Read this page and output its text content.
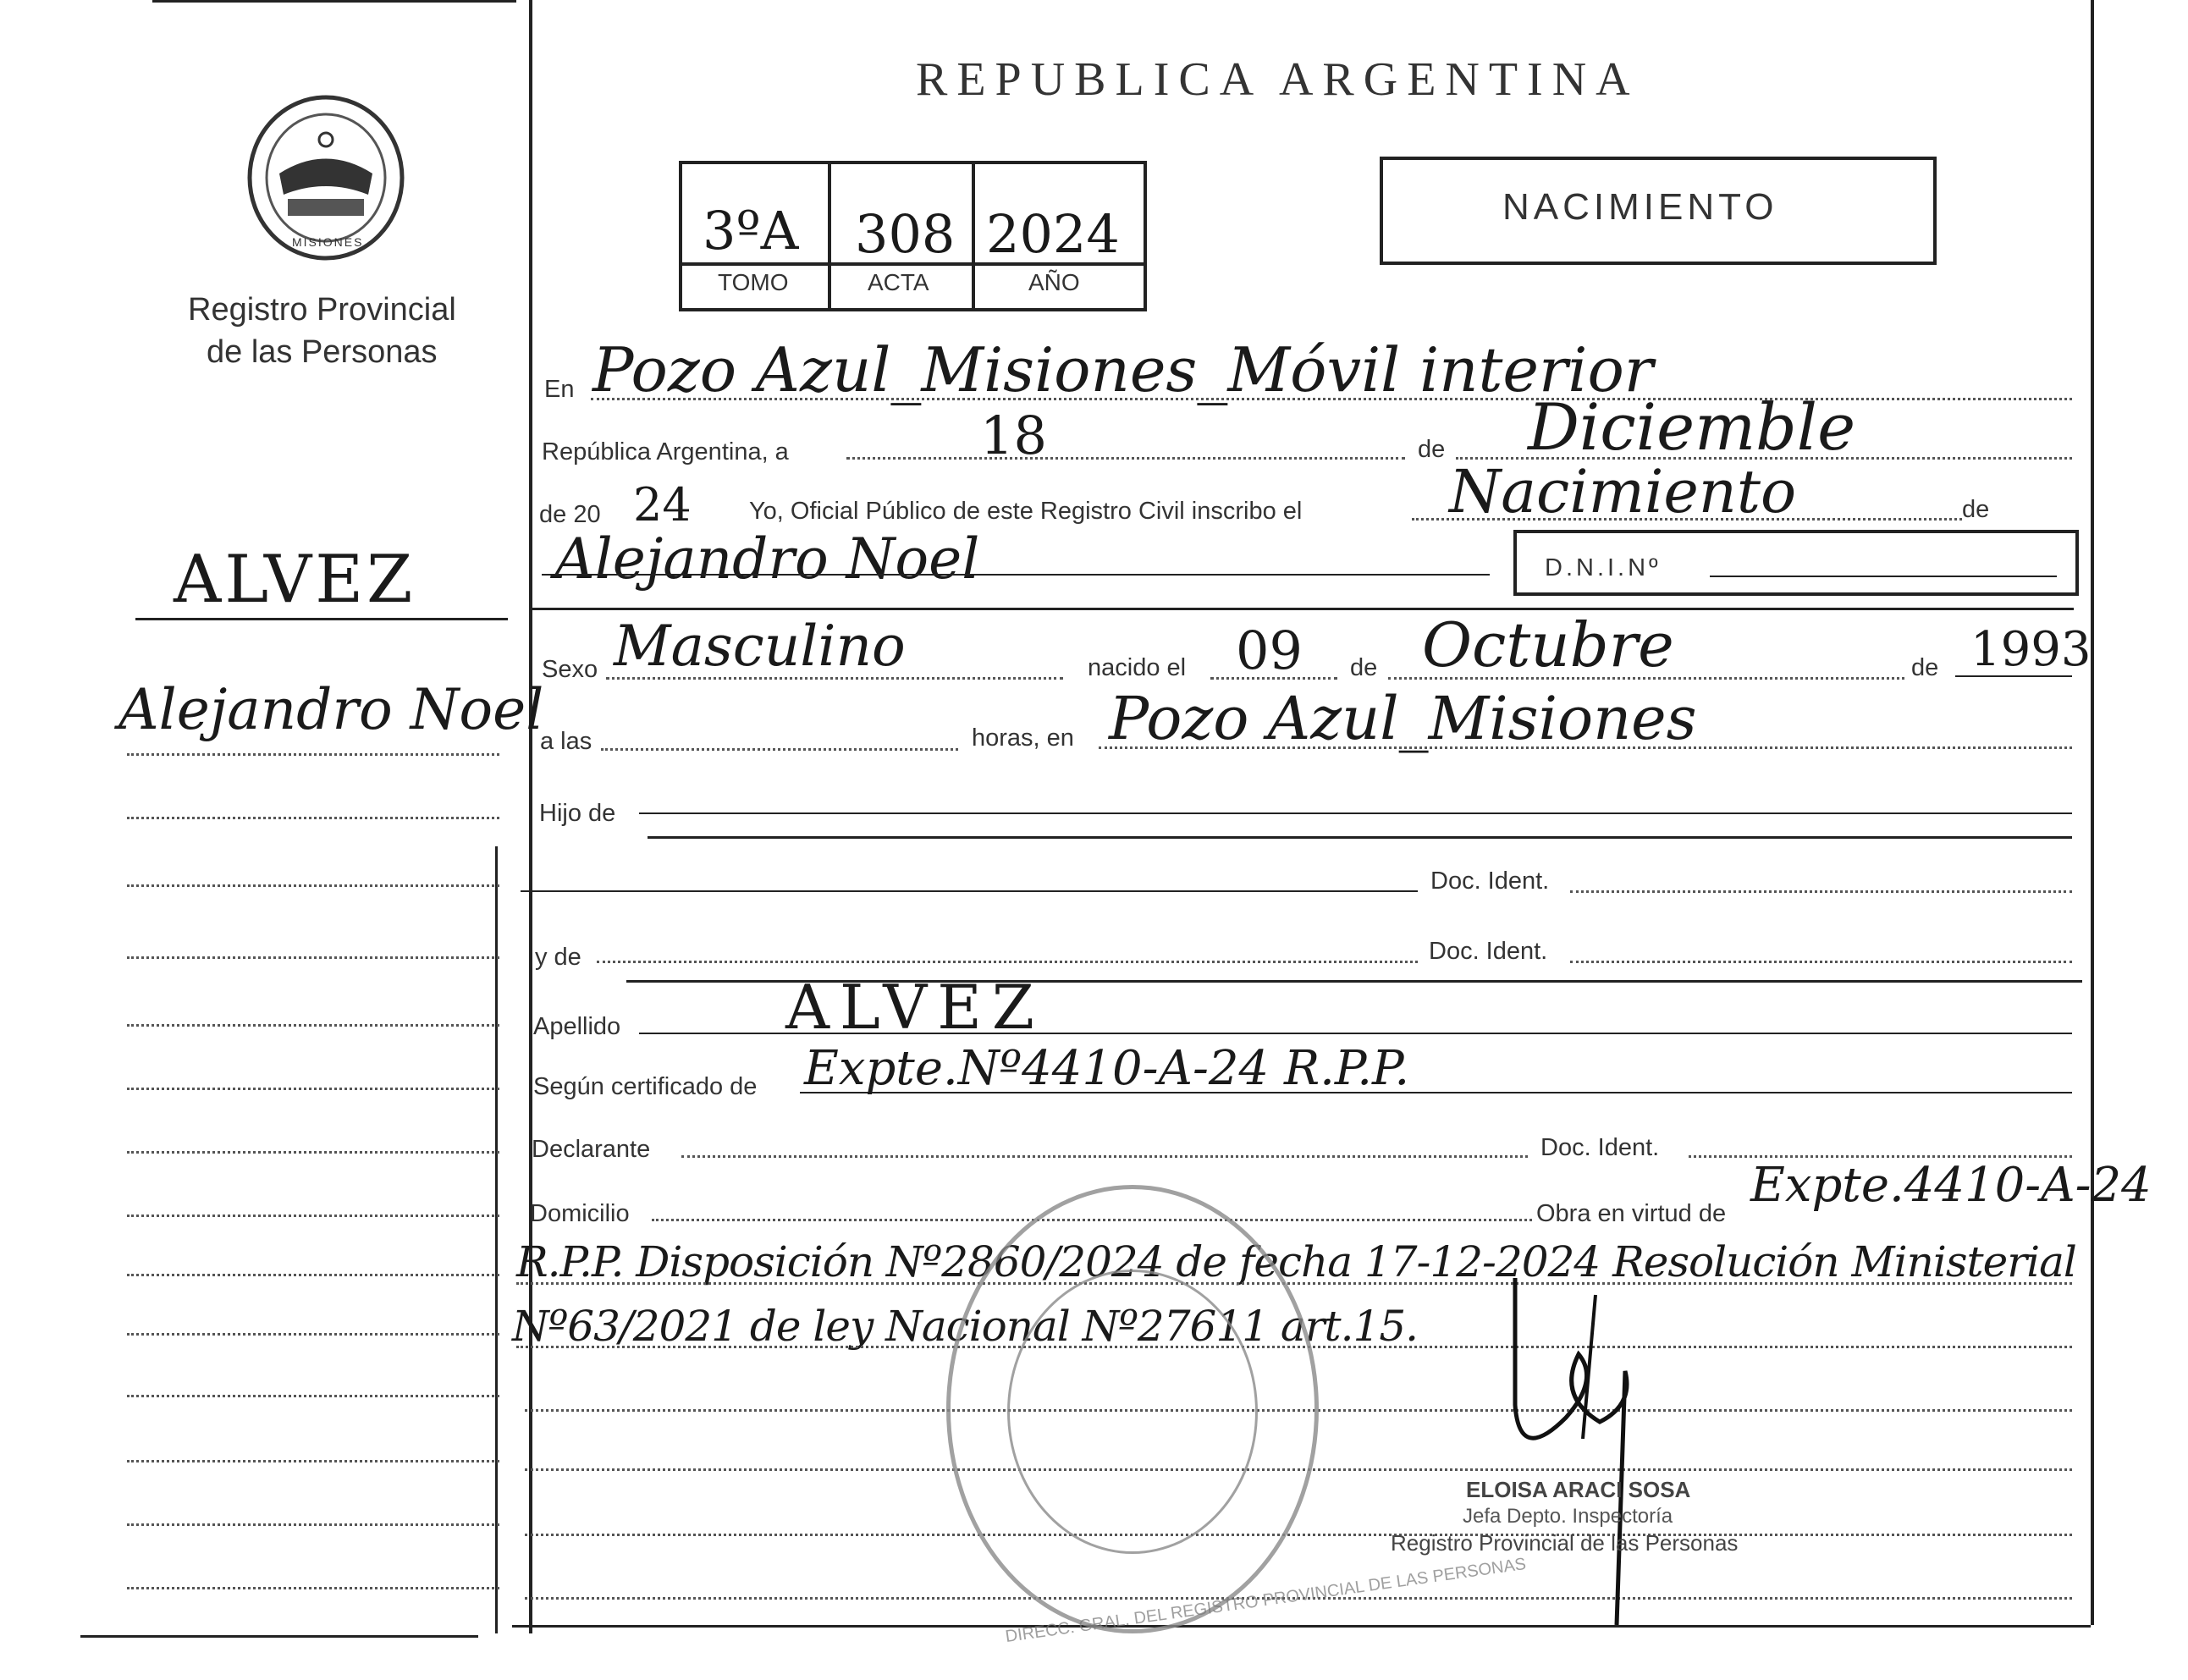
MISIONES
Registro Provincial
de las Personas
ALVEZ
Alejandro Noel
REPUBLICA ARGENTINA
3ºA 308 2024
TOMO	ACTA	AÑO
NACIMIENTO
En Pozo Azul_Misiones_Móvil interior
República Argentina, a	18	de Diciemble
de 20 24 Yo, Oficial Público de este Registro Civil inscribo el Nacimiento	de
Alejandro Noel	D.N.I.Nº
Sexo Masculino	nacido el 09 de Octubre	de 1993
a las	horas, en Pozo Azul_Misiones
Hijo de
Doc. Ident.
y de	Doc. Ident.
Apellido	ALVEZ
Según certificado de Expte.Nº4410-A-24 R.P.P.
Declarante	Doc. Ident.
Domicilio	Obra en virtud de
Expte.4410-A-24
R.P.P. Disposición Nº2860/2024 de fecha 17-12-2024 Resolución Ministerial
Nº63/2021 de ley Nacional Nº27611 art.15.
DIRECC. GRAL. DEL REGISTRO PROVINCIAL DE LAS PERSONAS
ELOISA ARACI SOSA
Jefa Depto. Inspectoría
Registro Provincial de las Personas
